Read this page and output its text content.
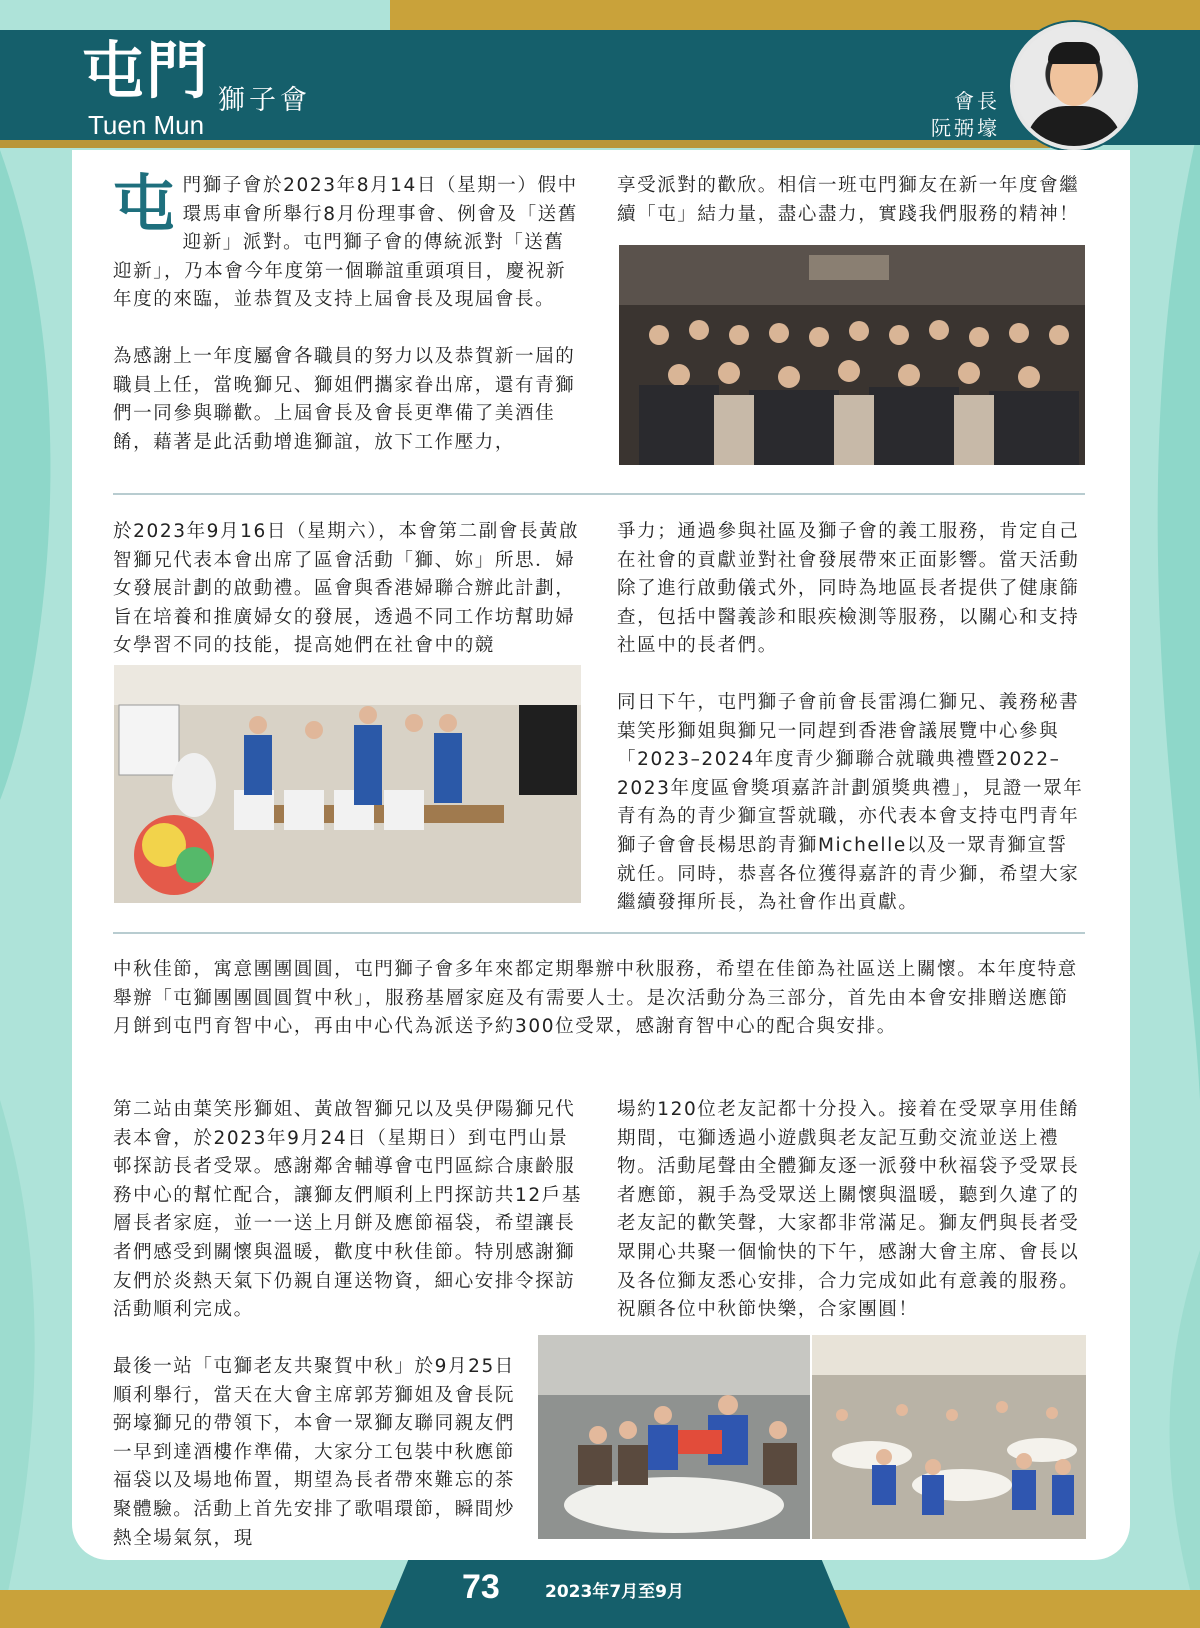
屯門 獅子會
Tuen Mun
會長
阮弼壕
屯 門獅子會於2023年8月14日（星期一）假中環馬車會所舉行8月份理事會、例會及「送舊迎新」派對。屯門獅子會的傳統派對「送舊迎新」，乃本會今年度第一個聯誼重頭項目，慶祝新年度的來臨，並恭賀及支持上屆會長及現屆會長。

為感謝上一年度屬會各職員的努力以及恭賀新一屆的職員上任，當晚獅兄、獅姐們攜家眷出席，還有青獅們一同參與聯歡。上屆會長及會長更準備了美酒佳餚，藉著是此活動增進獅誼，放下工作壓力，

享受派對的歡欣。相信一班屯門獅友在新一年度會繼續「屯」結力量，盡心盡力，實踐我們服務的精神！
於2023年9月16日（星期六），本會第二副會長黃啟智獅兄代表本會出席了區會活動「獅、妳」所思．婦女發展計劃的啟動禮。區會與香港婦聯合辦此計劃，旨在培養和推廣婦女的發展，透過不同工作坊幫助婦女學習不同的技能，提高她們在社會中的競

爭力；通過參與社區及獅子會的義工服務，肯定自己在社會的貢獻並對社會發展帶來正面影響。當天活動除了進行啟動儀式外，同時為地區長者提供了健康篩查，包括中醫義診和眼疾檢測等服務，以關心和支持社區中的長者們。

同日下午，屯門獅子會前會長雷鴻仁獅兄、義務秘書葉笑彤獅姐與獅兄一同趕到香港會議展覽中心參與「2023–2024年度青少獅聯合就職典禮暨2022–2023年度區會獎項嘉許計劃頒獎典禮」，見證一眾年青有為的青少獅宣誓就職，亦代表本會支持屯門青年獅子會會長楊思韵青獅Michelle以及一眾青獅宣誓就任。同時，恭喜各位獲得嘉許的青少獅，希望大家繼續發揮所長，為社會作出貢獻。

中秋佳節，寓意團團圓圓，屯門獅子會多年來都定期舉辦中秋服務，希望在佳節為社區送上關懷。本年度特意舉辦「屯獅團團圓圓賀中秋」，服務基層家庭及有需要人士。是次活動分為三部分，首先由本會安排贈送應節月餅到屯門育智中心，再由中心代為派送予約300位受眾，感謝育智中心的配合與安排。
第二站由葉笑彤獅姐、黃啟智獅兄以及吳伊陽獅兄代表本會，於2023年9月24日（星期日）到屯門山景邨探訪長者受眾。感謝鄰舍輔導會屯門區綜合康齡服務中心的幫忙配合，讓獅友們順利上門探訪共12戶基層長者家庭，並一一送上月餅及應節福袋，希望讓長者們感受到關懷與溫暖，歡度中秋佳節。特別感謝獅友們於炎熱天氣下仍親自運送物資，細心安排令探訪活動順利完成。
場約120位老友記都十分投入。接着在受眾享用佳餚期間，屯獅透過小遊戲與老友記互動交流並送上禮物。活動尾聲由全體獅友逐一派發中秋福袋予受眾長者應節，親手為受眾送上關懷與溫暖，聽到久違了的老友記的歡笑聲，大家都非常滿足。獅友們與長者受眾開心共聚一個愉快的下午，感謝大會主席、會長以及各位獅友悉心安排，合力完成如此有意義的服務。祝願各位中秋節快樂，合家團圓！
最後一站「屯獅老友共聚賀中秋」於9月25日順利舉行，當天在大會主席郭芳獅姐及會長阮弼壕獅兄的帶領下，本會一眾獅友聯同親友們一早到達酒樓作準備，大家分工包裝中秋應節福袋以及場地佈置，期望為長者帶來難忘的茶聚體驗。活動上首先安排了歌唱環節，瞬間炒熱全場氣氛，現
73	2023年7月至9月
